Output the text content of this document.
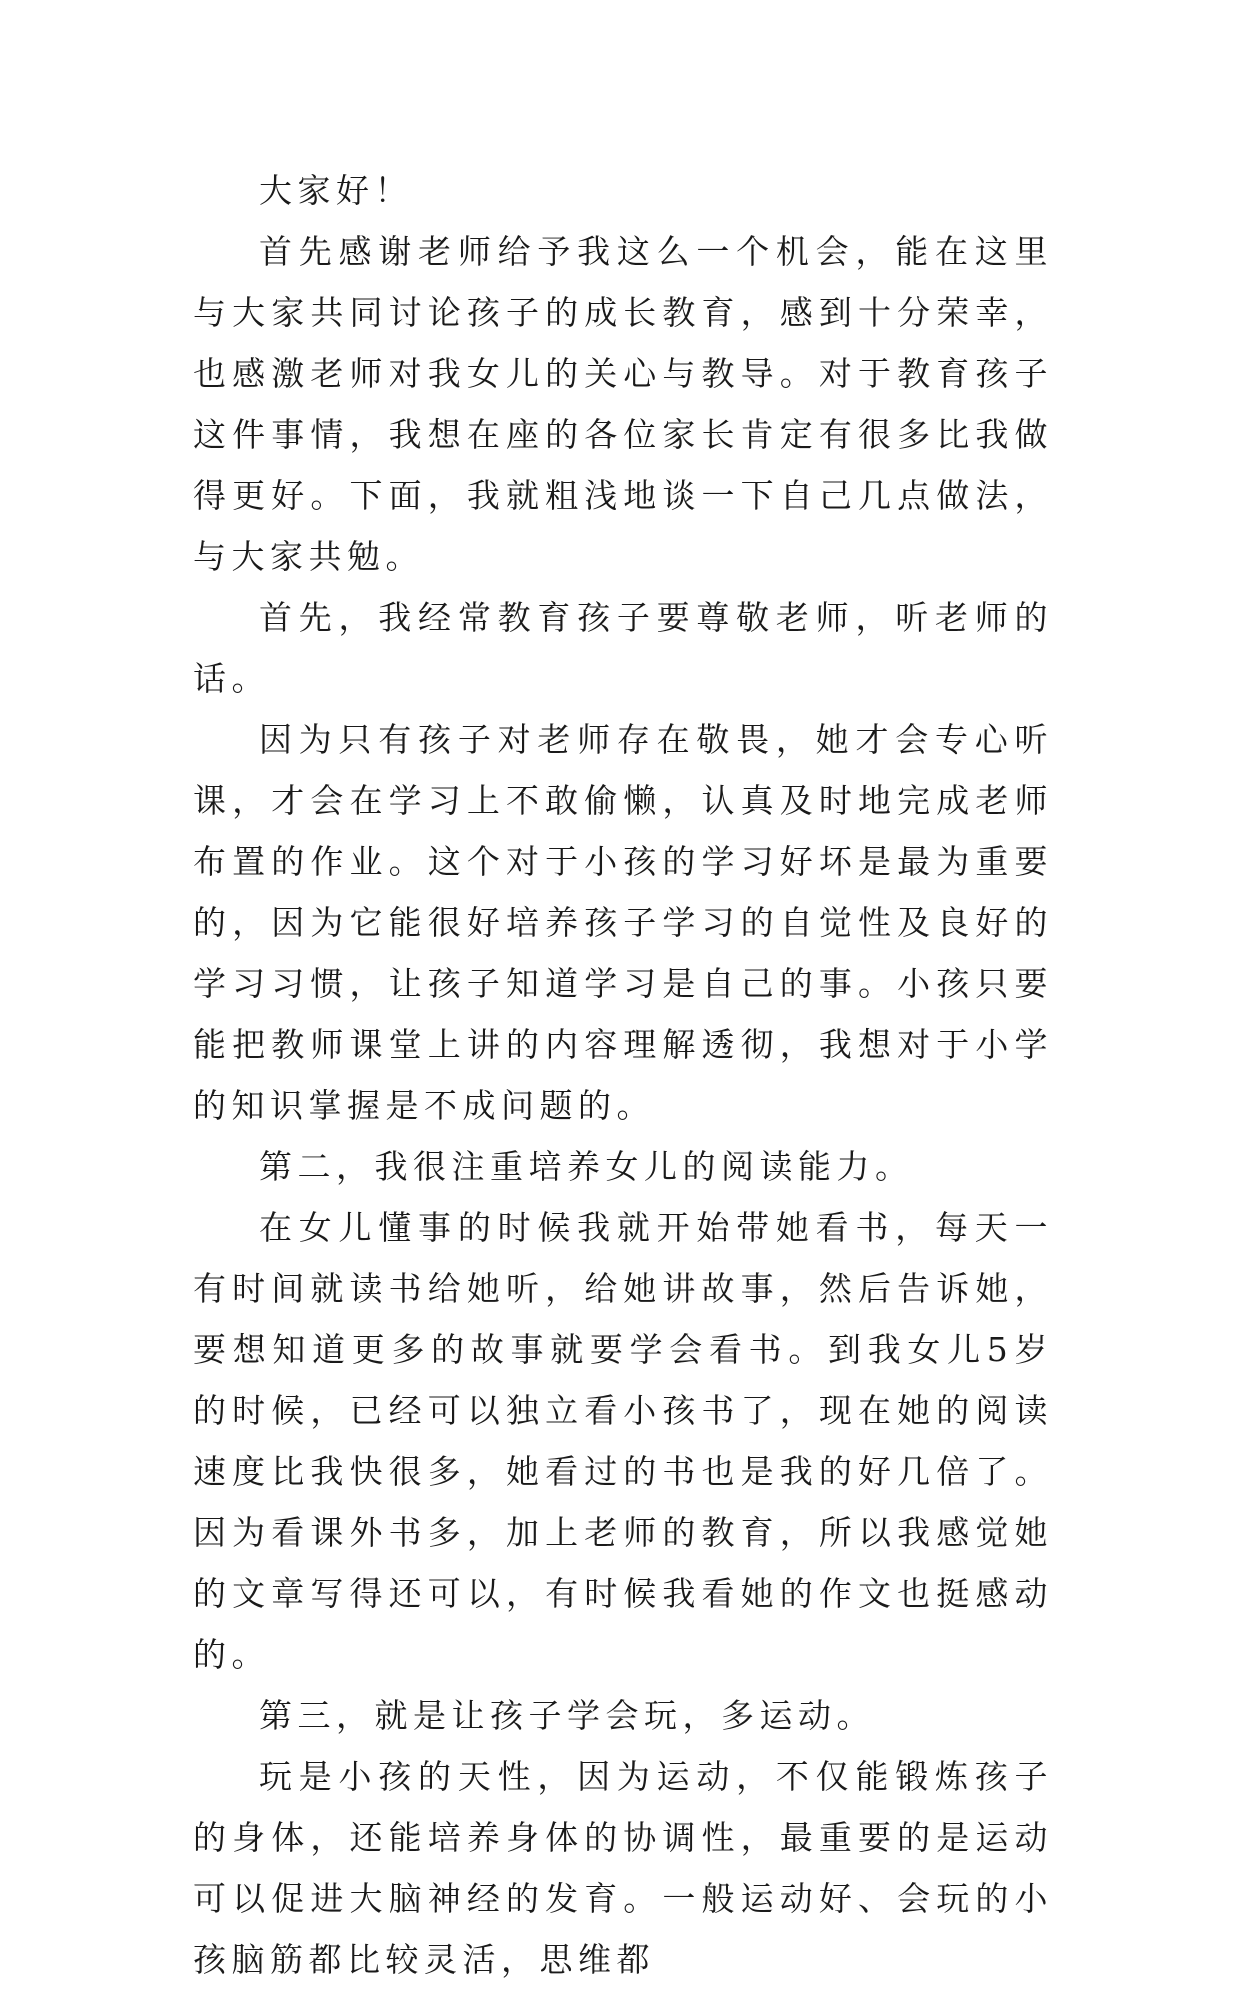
大家好！

首先感谢老师给予我这么一个机会，能在这里与大家共同讨论孩子的成长教育，感到十分荣幸，也感激老师对我女儿的关心与教导。对于教育孩子这件事情，我想在座的各位家长肯定有很多比我做得更好。下面，我就粗浅地谈一下自己几点做法，与大家共勉。

首先，我经常教育孩子要尊敬老师，听老师的话。

因为只有孩子对老师存在敬畏，她才会专心听课，才会在学习上不敢偷懒，认真及时地完成老师布置的作业。这个对于小孩的学习好坏是最为重要的，因为它能很好培养孩子学习的自觉性及良好的学习习惯，让孩子知道学习是自己的事。小孩只要能把教师课堂上讲的内容理解透彻，我想对于小学的知识掌握是不成问题的。

第二，我很注重培养女儿的阅读能力。

在女儿懂事的时候我就开始带她看书，每天一有时间就读书给她听，给她讲故事，然后告诉她，要想知道更多的故事就要学会看书。到我女儿5岁的时候，已经可以独立看小孩书了，现在她的阅读速度比我快很多，她看过的书也是我的好几倍了。因为看课外书多，加上老师的教育，所以我感觉她的文章写得还可以，有时候我看她的作文也挺感动的。

第三，就是让孩子学会玩，多运动。

玩是小孩的天性，因为运动，不仅能锻炼孩子的身体，还能培养身体的协调性，最重要的是运动可以促进大脑神经的发育。一般运动好、会玩的小孩脑筋都比较灵活，思维都
